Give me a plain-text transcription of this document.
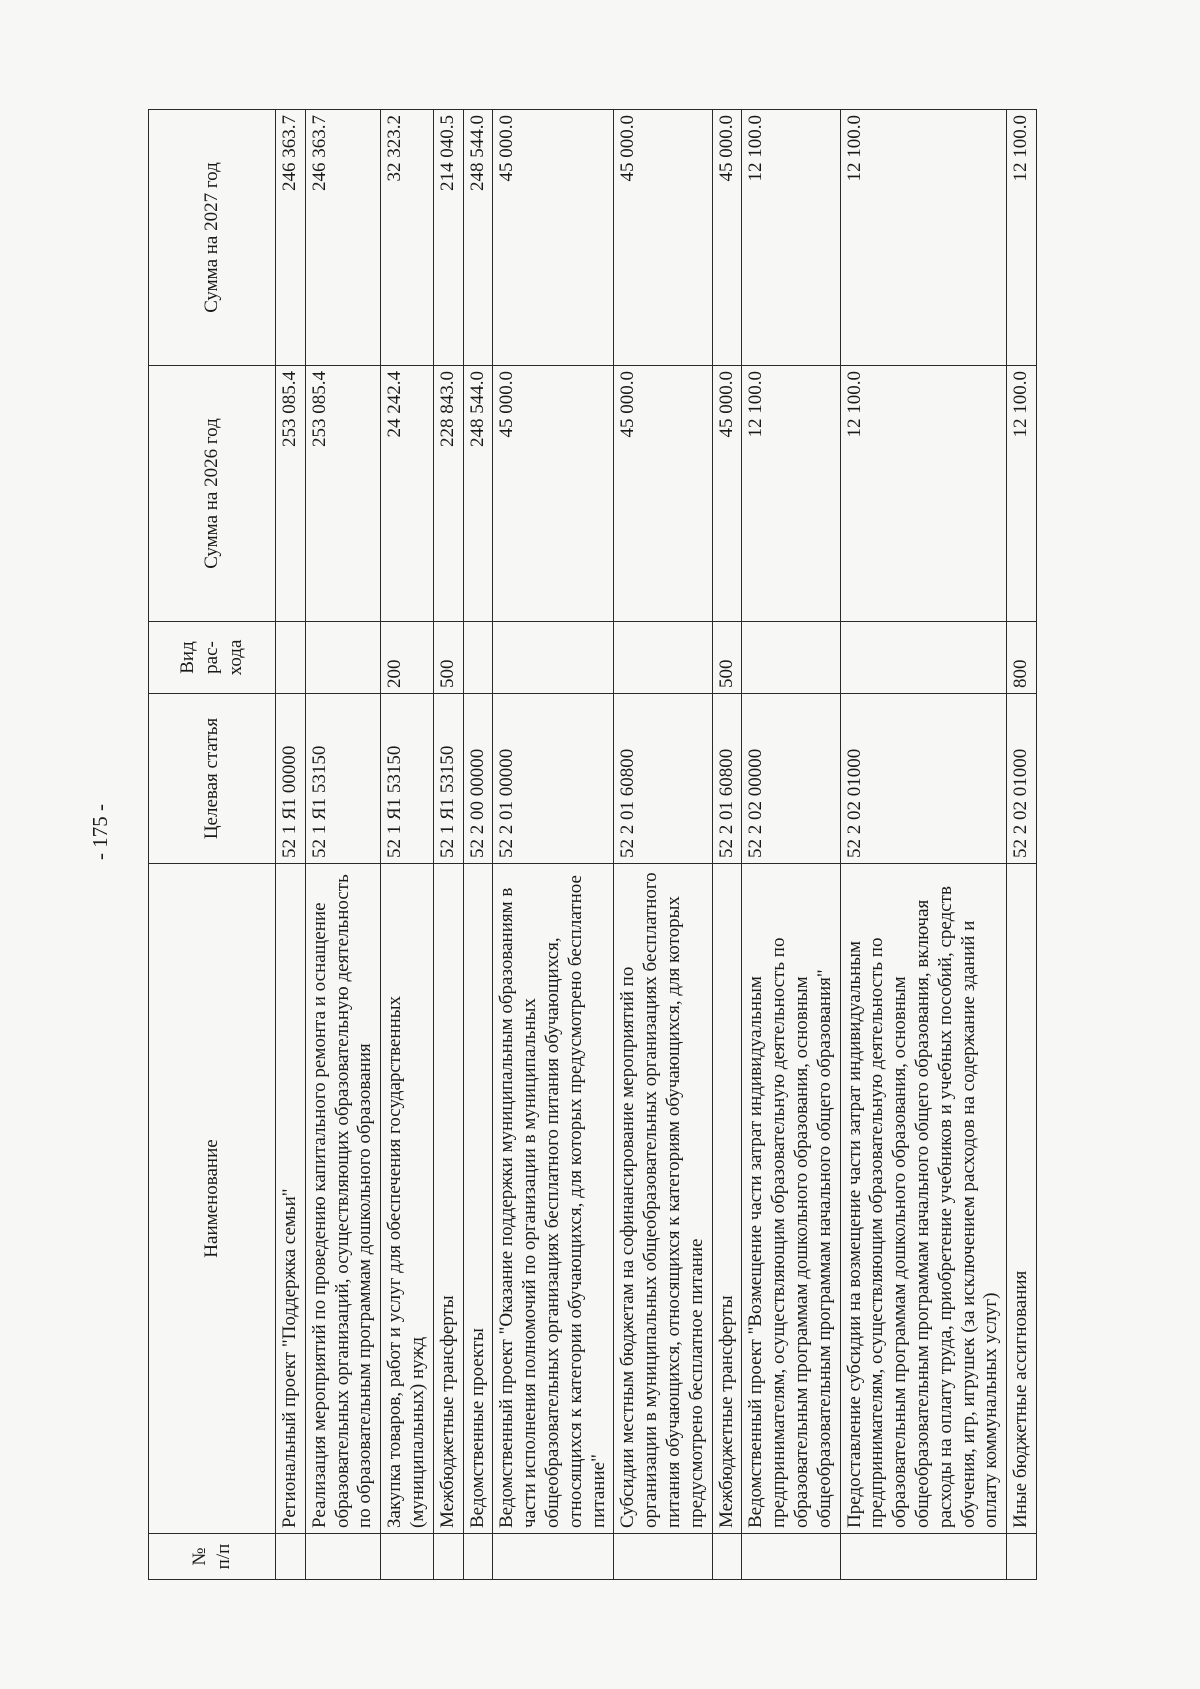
- 175 -
№ п/п	Наименование	Целевая статья	Вид рас- хода	Сумма на 2026 год	Сумма на 2027 год
	Региональный проект "Поддержка семьи"	52 1 Я1 00000		253 085.4	246 363.7
	Реализация мероприятий по проведению капитального ремонта и оснащение образовательных организаций, осуществляющих образовательную деятельность по образовательным программам дошкольного образования	52 1 Я1 53150		253 085.4	246 363.7
	Закупка товаров, работ и услуг для обеспечения государственных (муниципальных) нужд	52 1 Я1 53150	200	24 242.4	32 323.2
	Межбюджетные трансферты	52 1 Я1 53150	500	228 843.0	214 040.5
	Ведомственные проекты	52 2 00 00000		248 544.0	248 544.0
	Ведомственный проект "Оказание поддержки муниципальным образованиям в части исполнения полномочий по организации в муниципальных общеобразовательных организациях бесплатного питания обучающихся, относящихся к категории обучающихся, для которых предусмотрено бесплатное питание"	52 2 01 00000		45 000.0	45 000.0
	Субсидии местным бюджетам на софинансирование мероприятий по организации в муниципальных общеобразовательных организациях бесплатного питания обучающихся, относящихся к категориям обучающихся, для которых предусмотрено бесплатное питание	52 2 01 60800		45 000.0	45 000.0
	Межбюджетные трансферты	52 2 01 60800	500	45 000.0	45 000.0
	Ведомственный проект "Возмещение части затрат индивидуальным предпринимателям, осуществляющим образовательную деятельность по образовательным программам дошкольного образования, основным общеобразовательным программам начального общего образования"	52 2 02 00000		12 100.0	12 100.0
	Предоставление субсидии на возмещение части затрат индивидуальным предпринимателям, осуществляющим образовательную деятельность по образовательным программам дошкольного образования, основным общеобразовательным программам начального общего образования, включая расходы на оплату труда, приобретение учебников и учебных пособий, средств обучения, игр, игрушек (за исключением расходов на содержание зданий и оплату коммунальных услуг)	52 2 02 01000		12 100.0	12 100.0
	Иные бюджетные ассигнования	52 2 02 01000	800	12 100.0	12 100.0
